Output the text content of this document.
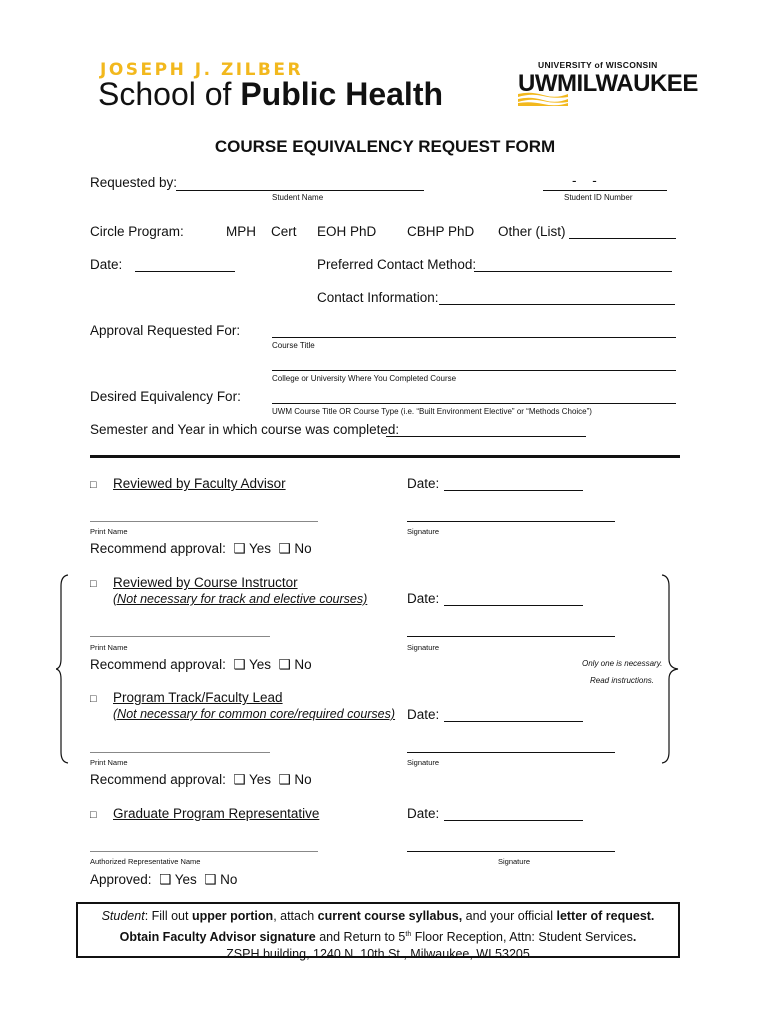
JOSEPH J. ZILBER
School of Public Health
UNIVERSITY of WISCONSIN
UWMILWAUKEE
COURSE EQUIVALENCY REQUEST FORM
Requested by:
Student Name
- -
Student ID Number
Circle Program:	MPH Cert EOH PhD CBHP PhD Other (List)
Date:	Preferred Contact Method:
Contact Information:
Approval Requested For:
Course Title
College or University Where You Completed Course
Desired Equivalency For:
UWM Course Title OR Course Type (i.e. “Built Environment Elective” or “Methods Choice”)
Semester and Year in which course was completed:
□ Reviewed by Faculty Advisor	Date:
Print Name	Signature
Recommend approval:  ❑ Yes  ❑ No
□ Reviewed by Course Instructor
(Not necessary for track and elective courses)	Date:
Print Name	Signature
Recommend approval:  ❑ Yes  ❑ No	Only one is necessary.
Read instructions.
□ Program Track/Faculty Lead
(Not necessary for common core/required courses) Date:
Print Name	Signature
Recommend approval:  ❑ Yes  ❑ No
□ Graduate Program Representative	Date:
Authorized Representative Name	Signature
Approved:  ❑ Yes  ❑ No
Student: Fill out upper portion, attach current course syllabus, and your official letter of request.
Obtain Faculty Advisor signature and Return to 5th Floor Reception, Attn: Student Services.
ZSPH building, 1240 N. 10th St., Milwaukee, WI 53205
